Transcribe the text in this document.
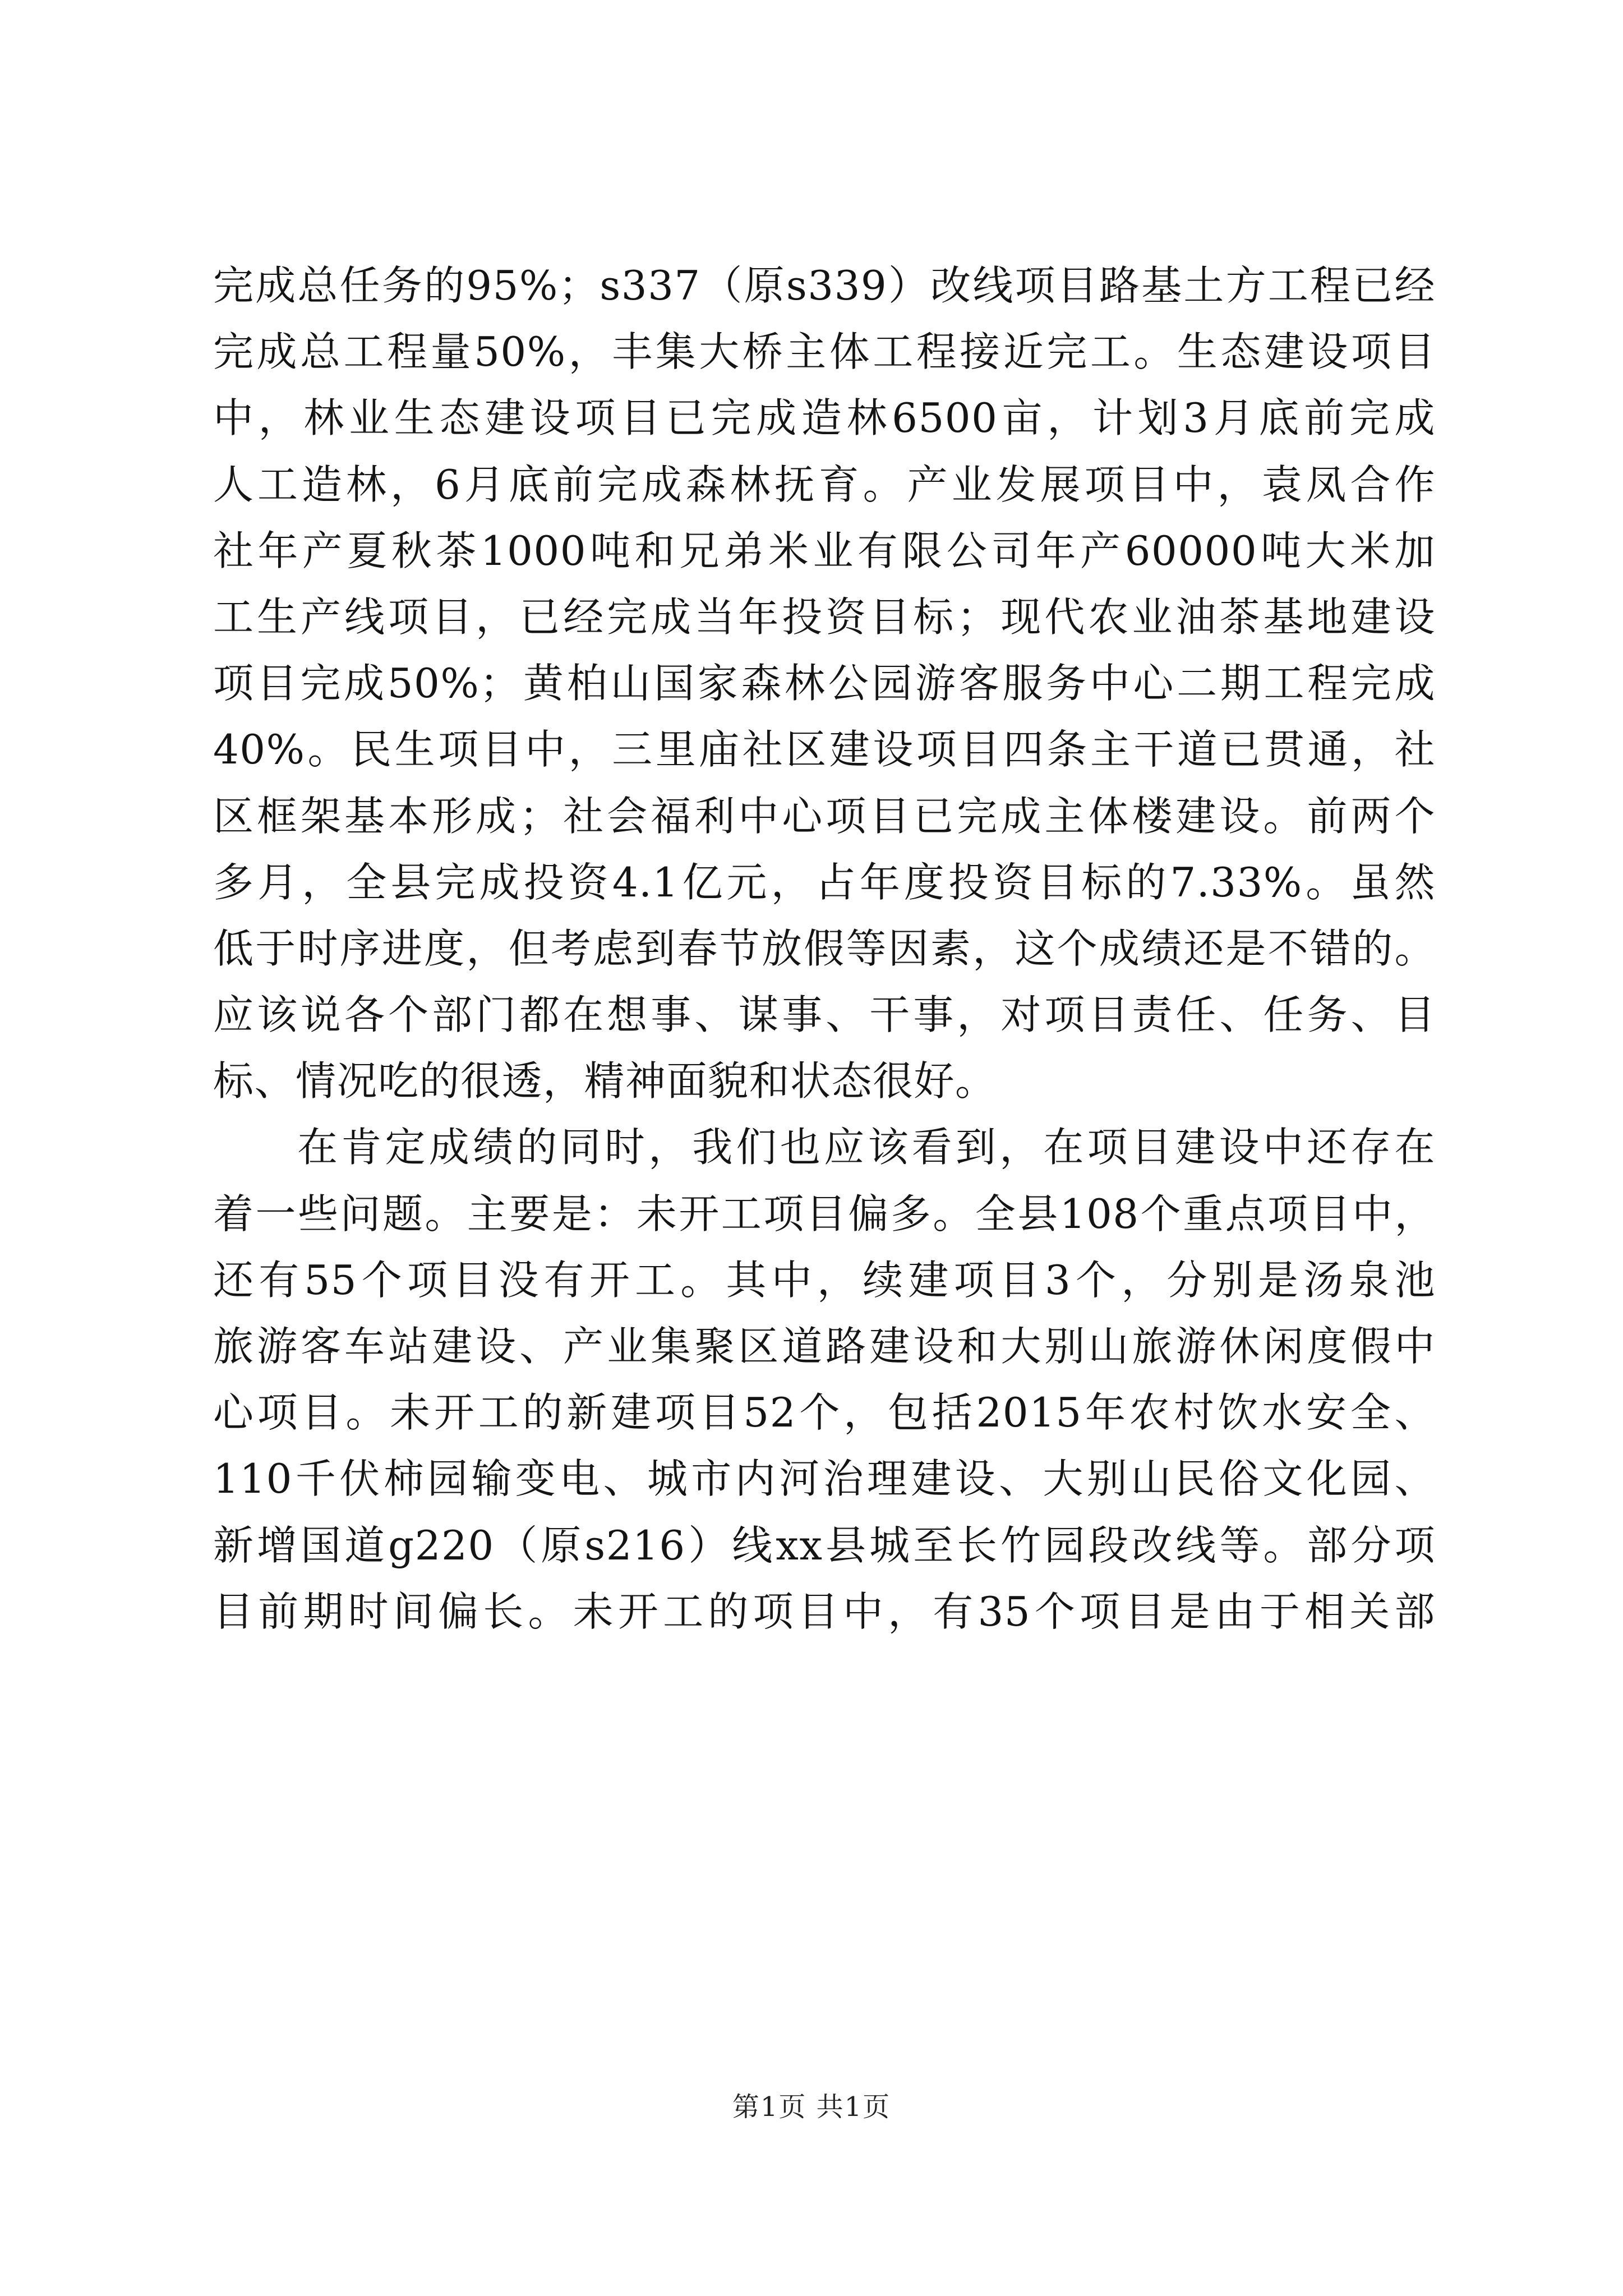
完成总任务的95%；s337（原s339）改线项目路基土方工程已经
完成总工程量50%，丰集大桥主体工程接近完工。生态建设项目
中，林业生态建设项目已完成造林6500亩，计划3月底前完成
人工造林，6月底前完成森林抚育。产业发展项目中，袁凤合作
社年产夏秋茶1000吨和兄弟米业有限公司年产60000吨大米加
工生产线项目，已经完成当年投资目标；现代农业油茶基地建设
项目完成50%；黄柏山国家森林公园游客服务中心二期工程完成
40%。民生项目中，三里庙社区建设项目四条主干道已贯通，社
区框架基本形成；社会福利中心项目已完成主体楼建设。前两个
多月，全县完成投资4.1亿元，占年度投资目标的7.33%。虽然
低于时序进度，但考虑到春节放假等因素，这个成绩还是不错的。
应该说各个部门都在想事、谋事、干事，对项目责任、任务、目
标、情况吃的很透，精神面貌和状态很好。
在肯定成绩的同时，我们也应该看到，在项目建设中还存在
着一些问题。主要是：未开工项目偏多。全县108个重点项目中，
还有55个项目没有开工。其中，续建项目3个，分别是汤泉池
旅游客车站建设、产业集聚区道路建设和大别山旅游休闲度假中
心项目。未开工的新建项目52个，包括2015年农村饮水安全、
110千伏柿园输变电、城市内河治理建设、大别山民俗文化园、
新增国道g220（原s216）线xx县城至长竹园段改线等。部分项
目前期时间偏长。未开工的项目中，有35个项目是由于相关部
第1页 共1页
